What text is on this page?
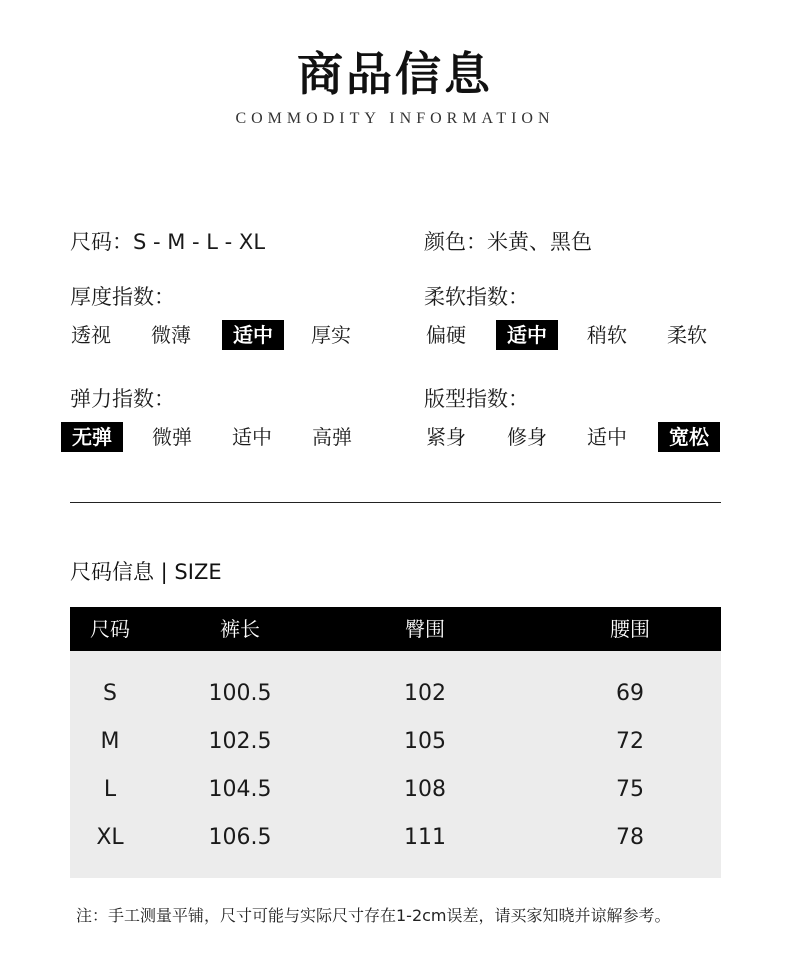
商品信息
COMMODITY INFORMATION
尺码：S - M - L - XL	颜色：米黄、黑色
厚度指数：	柔软指数：
透视	微薄	适中	厚实	偏硬	适中	稍软	柔软
弹力指数：	版型指数：
无弹	微弹	适中	高弹	紧身	修身	适中	宽松
尺码信息 | SIZE
尺码	裤长	臀围	腰围
S	100.5	102	69
M	102.5	105	72
L	104.5	108	75
XL	106.5	111	78
注：手工测量平铺，尺寸可能与实际尺寸存在1-2cm误差，请买家知晓并谅解参考。
